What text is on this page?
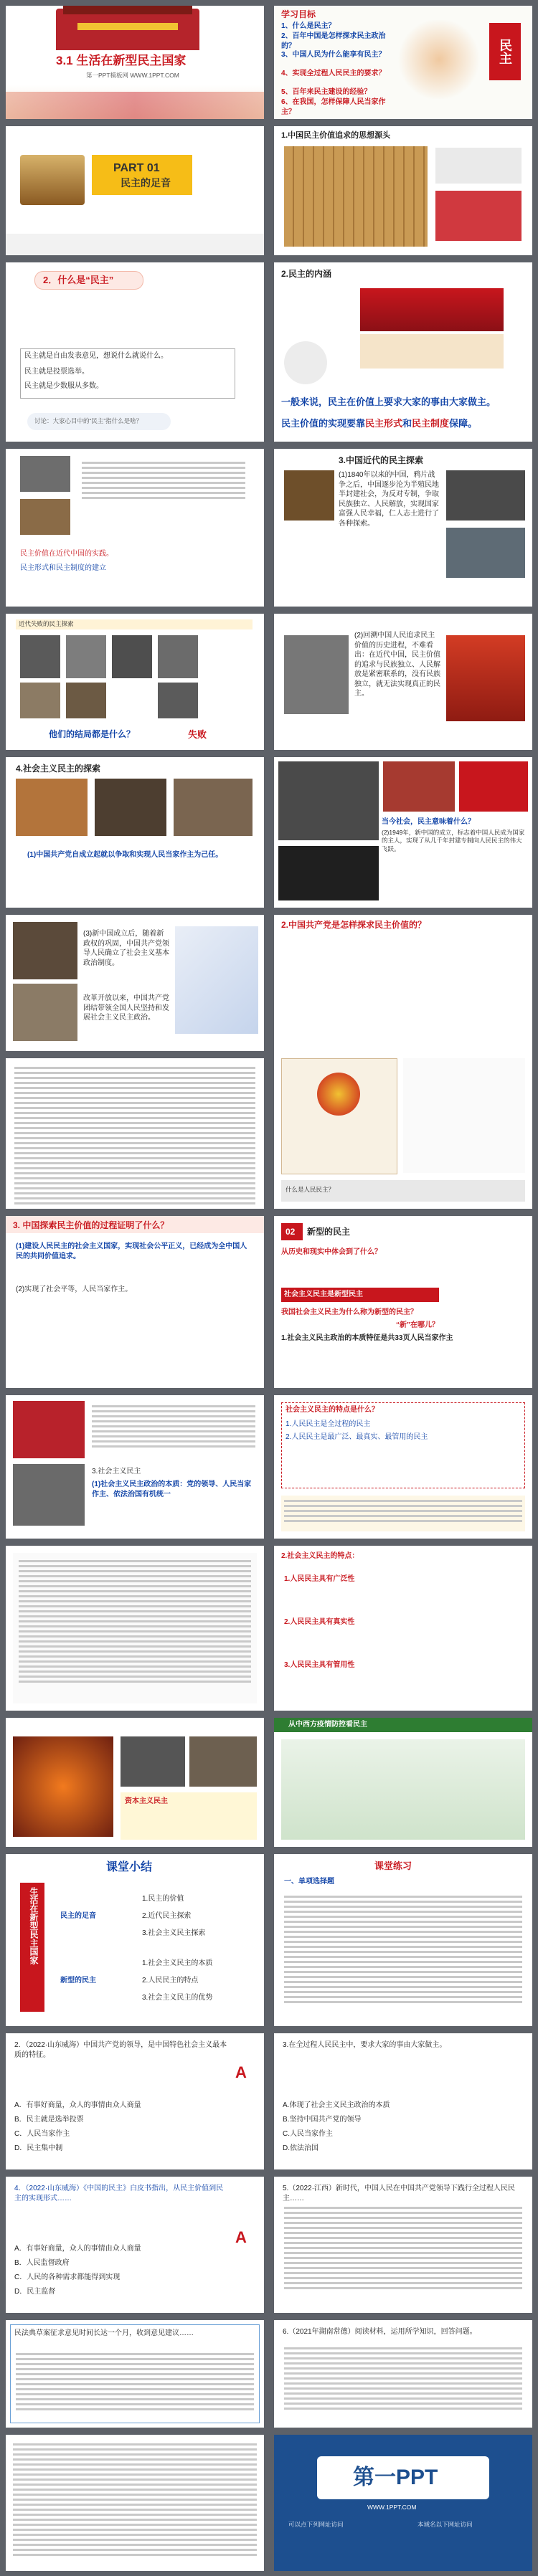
3.1 生活在新型民主国家
第一PPT模板网 WWW.1PPT.COM
学习目标
1、什么是民主？
2、百年中国是怎样探求民主政治的？
3、中国人民为什么能享有民主？
4、实现全过程人民民主的要求？
5、百年来民主建设的经验？
6、在我国，怎样保障人民当家作主？
民主
PART 01
民主的足音
1.中国民主价值追求的思想源头
2．什么是“民主”
民主就是自由发表意见，想说什么就说什么。
民主就是投票选举。
民主就是少数服从多数。
讨论：大家心目中的“民主”指什么是啥？
2.民主的内涵
一般来说，民主在价值上要求大家的事由大家做主。
民主价值的实现要靠民主形式和民主制度保障。
民主价值在近代中国的实践。
民主形式和民主制度的建立
3.中国近代的民主探索
(1)1840年以来的中国，鸦片战争之后，中国逐步沦为半殖民地半封建社会，为反对专制，争取民族独立、人民解放，实现国家富强人民幸福，仁人志士进行了各种探索。
近代失败的民主探索
他们的结局都是什么？	失败
(2)回溯中国人民追求民主价值的历史进程，不难看出：在近代中国，民主价值的追求与民族独立、人民解放是紧密联系的，没有民族独立，就无法实现真正的民主。
4.社会主义民主的探索
(1)中国共产党自成立起就以争取和实现人民当家作主为己任。
当今社会，民主意味着什么？
(2)1949年，新中国的成立，标志着中国人民成为国家的主人，实现了从几千年封建专制向人民民主的伟大飞跃。
(3)新中国成立后，随着新政权的巩固，中国共产党领导人民确立了社会主义基本政治制度。
改革开放以来，中国共产党团结带领全国人民坚持和发展社会主义民主政治。
2.中国共产党是怎样探求民主价值的？
什么是人民民主？
3. 中国探索民主价值的过程证明了什么？
(1)建设人民民主的社会主义国家，实现社会公平正义，已经成为全中国人民的共同价值追求。
(2)实现了社会平等，人民当家作主。
02 新型的民主
从历史和现实中体会到了什么？
社会主义民主是新型民主
我国社会主义民主为什么称为新型的民主？
“新”在哪儿？
1.社会主义民主政治的本质特征是共33页人民当家作主
3.社会主义民主
(1)社会主义民主政治的本质：党的领导、人民当家作主、依法治国有机统一
社会主义民主的特点是什么？
1.人民民主是全过程的民主
2.人民民主是最广泛、最真实、最管用的民主
2.社会主义民主的特点：
1.人民民主具有广泛性
2.人民民主具有真实性
3.人民民主具有管用性
资本主义民主
从中西方疫情防控看民主
课堂小结
生活在新型民主国家	民主的足音
新型的民主
1.民主的价值
2.近代民主探索
3.社会主义民主探索
1.社会主义民主的本质
2.人民民主的特点
3.社会主义民主的优势
课堂练习
一、单项选择题
2．（2022·山东威海）中国共产党的领导，是中国特色社会主义最本质的特征。
A
A．有事好商量，众人的事情由众人商量
B．民主就是选举投票
C．人民当家作主
D．民主集中制
3.在全过程人民民主中，要求大家的事由大家做主。
A.体现了社会主义民主政治的本质
B.坚持中国共产党的领导
C.人民当家作主
D.依法治国
4．（2022·山东威海）《中国的民主》白皮书指出，从民主价值到民主的实现形式……
A
A．有事好商量，众人的事情由众人商量
B．人民监督政府
C．人民的各种需求都能得到实现
D．民主监督
5.（2022·江西）新时代，中国人民在中国共产党领导下践行全过程人民民主……
民法典草案征求意见时间长达一个月，收到意见建议……	6.（2021年湖南常德）阅读材料，运用所学知识，回答问题。
第一PPT
WWW.1PPT.COM
可以点下列网址访问	本域名以下网址访问
